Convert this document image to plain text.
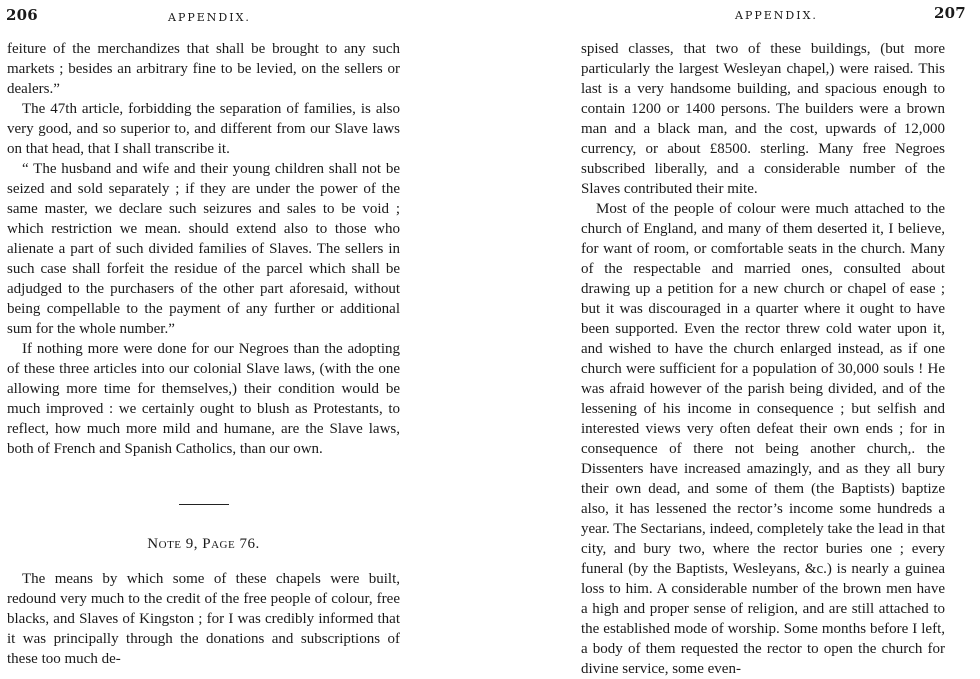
206	APPENDIX.

feiture of the merchandizes that shall be brought to any such markets ; besides an arbitrary fine to be levied, on the sellers or dealers.”

The 47th article, forbidding the separation of families, is also very good, and so superior to, and different from our Slave laws on that head, that I shall transcribe it.

“ The husband and wife and their young children shall not be seized and sold separately ; if they are under the power of the same master, we declare such seizures and sales to be void ; which restriction we mean. should extend also to those who alienate a part of such divided families of Slaves. The sellers in such case shall forfeit the residue of the parcel which shall be adjudged to the purchasers of the other part aforesaid, without being compellable to the payment of any further or additional sum for the whole number.”

If nothing more were done for our Negroes than the adopting of these three articles into our colonial Slave laws, (with the one allowing more time for themselves,) their condition would be much improved : we certainly ought to blush as Protestants, to reflect, how much more mild and humane, are the Slave laws, both of French and Spanish Catholics, than our own.

NOTE 9, PAGE 76.

The means by which some of these chapels were built, redound very much to the credit of the free people of colour, free blacks, and Slaves of Kingston ; for I was credibly informed that it was principally through the donations and subscriptions of these too much de-

APPENDIX.	207

spised classes, that two of these buildings, (but more particularly the largest Wesleyan chapel,) were raised. This last is a very handsome building, and spacious enough to contain 1200 or 1400 persons. The builders were a brown man and a black man, and the cost, upwards of 12,000 currency, or about £8500. sterling. Many free Negroes subscribed liberally, and a considerable number of the Slaves contributed their mite.

Most of the people of colour were much attached to the church of England, and many of them deserted it, I believe, for want of room, or comfortable seats in the church. Many of the respectable and married ones, consulted about drawing up a petition for a new church or chapel of ease ; but it was discouraged in a quarter where it ought to have been supported. Even the rector threw cold water upon it, and wished to have the church enlarged instead, as if one church were sufficient for a population of 30,000 souls ! He was afraid however of the parish being divided, and of the lessening of his income in consequence ; but selfish and interested views very often defeat their own ends ; for in consequence of there not being another church,. the Dissenters have increased amazingly, and as they all bury their own dead, and some of them (the Baptists) baptize also, it has lessened the rector’s income some hundreds a year. The Sectarians, indeed, completely take the lead in that city, and bury two, where the rector buries one ; every funeral (by the Baptists, Wesleyans, &c.) is nearly a guinea loss to him. A considerable number of the brown men have a high and proper sense of religion, and are still attached to the established mode of worship. Some months before I left, a body of them requested the rector to open the church for divine service, some even-
